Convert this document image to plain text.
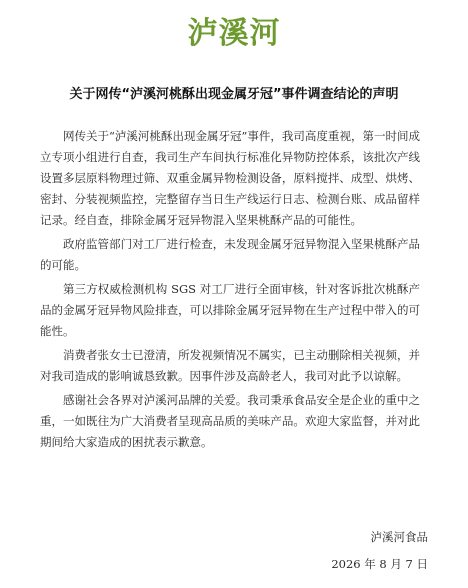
泸溪河
关于网传“泸溪河桃酥出现金属牙冠”事件调查结论的声明

网传关于“泸溪河桃酥出现金属牙冠”事件，我司高度重视，第一时间成立专项小组进行自查，我司生产车间执行标准化异物防控体系，该批次产线设置多层原料物理过筛、双重金属异物检测设备，原料搅拌、成型、烘烤、密封、分装视频监控，完整留存当日生产线运行日志、检测台账、成品留样记录。经自查，排除金属牙冠异物混入坚果桃酥产品的可能性。

政府监管部门对工厂进行检查，未发现金属牙冠异物混入坚果桃酥产品的可能。

第三方权威检测机构 SGS 对工厂进行全面审核，针对客诉批次桃酥产品的金属牙冠异物风险排查，可以排除金属牙冠异物在生产过程中带入的可能性。

消费者张女士已澄清，所发视频情况不属实，已主动删除相关视频，并对我司造成的影响诚恳致歉。因事件涉及高龄老人，我司对此予以谅解。

感谢社会各界对泸溪河品牌的关爱。我司秉承食品安全是企业的重中之重，一如既往为广大消费者呈现高品质的美味产品。欢迎大家监督，并对此期间给大家造成的困扰表示歉意。

泸溪河食品
2026 年 8 月 7 日
